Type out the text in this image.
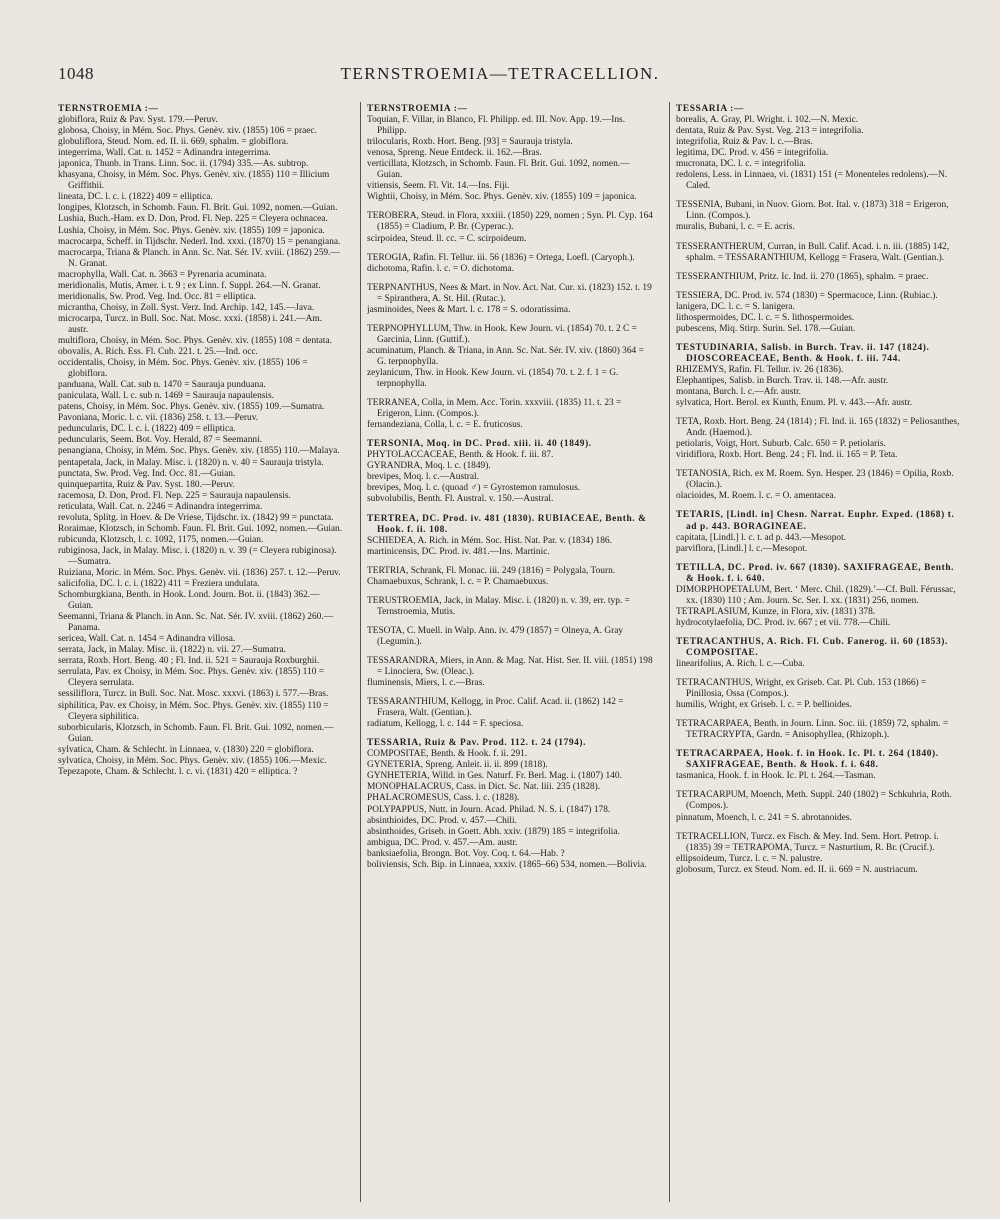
1048	TERNSTROEMIA—TETRACELLION.

TERNSTROEMIA :—

globiflora, Ruiz & Pav. Syst. 179.—Peruv.

globosa, Choisy, in Mém. Soc. Phys. Genèv. xiv. (1855) 106 = praec.

globuliflora, Steud. Nom. ed. II. ii. 669, sphalm. = globiflora.

integerrima, Wall. Cat. n. 1452 = Adinandra integerrima.

japonica, Thunb. in Trans. Linn. Soc. ii. (1794) 335.—As. subtrop.

khasyana, Choisy, in Mém. Soc. Phys. Genèv. xiv. (1855) 110 = Illicium Griffithii.

lineata, DC. l. c. i. (1822) 409 = elliptica.

longipes, Klotzsch, in Schomb. Faun. Fl. Brit. Gui. 1092, nomen.—Guian.

Lushia, Buch.-Ham. ex D. Don, Prod. Fl. Nep. 225 = Cleyera ochnacea.

Lushia, Choisy, in Mém. Soc. Phys. Genèv. xiv. (1855) 109 = japonica.

macrocarpa, Scheff. in Tijdschr. Nederl. Ind. xxxi. (1870) 15 = penangiana.

macrocarpa, Triana & Planch. in Ann. Sc. Nat. Sér. IV. xviii. (1862) 259.—N. Granat.

macrophylla, Wall. Cat. n. 3663 = Pyrenaria acuminata.

meridionalis, Mutis, Amer. i. t. 9 ; ex Linn. f. Suppl. 264.—N. Granat.

meridionalis, Sw. Prod. Veg. Ind. Occ. 81 = elliptica.

micrantha, Choisy, in Zoll. Syst. Verz. Ind. Archip. 142, 145.—Java.

microcarpa, Turcz. in Bull. Soc. Nat. Mosc. xxxi. (1858) i. 241.—Am. austr.

multiflora, Choisy, in Mém. Soc. Phys. Genèv. xiv. (1855) 108 = dentata.

obovalis, A. Rich. Ess. Fl. Cub. 221. t. 25.—Ind. occ.

occidentalis, Choisy, in Mém. Soc. Phys. Genèv. xiv. (1855) 106 = globiflora.

panduana, Wall. Cat. sub n. 1470 = Saurauja punduana.

paniculata, Wall. l. c. sub n. 1469 = Saurauja napaulensis.

patens, Choisy, in Mém. Soc. Phys. Genèv. xiv. (1855) 109.—Sumatra.

Pavoniana, Moric. l. c. vii. (1836) 258. t. 13.—Peruv.

peduncularis, DC. l. c. i. (1822) 409 = elliptica.

peduncularis, Seem. Bot. Voy. Herald, 87 = Seemanni.

penangiana, Choisy, in Mém. Soc. Phys. Genèv. xiv. (1855) 110.—Malaya.

pentapetala, Jack, in Malay. Misc. i. (1820) n. v. 40 = Saurauja tristyla.

punctata, Sw. Prod. Veg. Ind. Occ. 81.—Guian.

quinquepartita, Ruiz & Pav. Syst. 180.—Peruv.

racemosa, D. Don, Prod. Fl. Nep. 225 = Saurauja napaulensis.

reticulata, Wall. Cat. n. 2246 = Adinandra integerrima.

revoluta, Splitg. in Hoev. & De Vriese, Tijdschr. ix. (1842) 99 = punctata.

Roraimae, Klotzsch, in Schomb. Faun. Fl. Brit. Gui. 1092, nomen.—Guian.

rubicunda, Klotzsch, l. c. 1092, 1175, nomen.—Guian.

rubiginosa, Jack, in Malay. Misc. i. (1820) n. v. 39 (= Cleyera rubiginosa).—Sumatra.

Ruiziana, Moric. in Mém. Soc. Phys. Genèv. vii. (1836) 257. t. 12.—Peruv.

salicifolia, DC. l. c. i. (1822) 411 = Freziera undulata.

Schomburgkiana, Benth. in Hook. Lond. Journ. Bot. ii. (1843) 362.—Guian.

Seemanni, Triana & Planch. in Ann. Sc. Nat. Sér. IV. xviii. (1862) 260.—Panama.

sericea, Wall. Cat. n. 1454 = Adinandra villosa.

serrata, Jack, in Malay. Misc. ii. (1822) n. vii. 27.—Sumatra.

serrata, Roxb. Hort. Beng. 40 ; Fl. Ind. ii. 521 = Saurauja Roxburghii.

serrulata, Pav. ex Choisy, in Mém. Soc. Phys. Genèv. xiv. (1855) 110 = Cleyera serrulata.

sessiliflora, Turcz. in Bull. Soc. Nat. Mosc. xxxvi. (1863) i. 577.—Bras.

siphilitica, Pav. ex Choisy, in Mém. Soc. Phys. Genèv. xiv. (1855) 110 = Cleyera siphilitica.

suborbicularis, Klotzsch, in Schomb. Faun. Fl. Brit. Gui. 1092, nomen.—Guian.

sylvatica, Cham. & Schlecht. in Linnaea, v. (1830) 220 = globiflora.

sylvatica, Choisy, in Mém. Soc. Phys. Genèv. xiv. (1855) 106.—Mexic.

Tepezapote, Cham. & Schlecht. l. c. vi. (1831) 420 = elliptica. ?

TERNSTROEMIA :—

Toquian, F. Villar, in Blanco, Fl. Philipp. ed. III. Nov. App. 19.—Ins. Philipp.

trilocularis, Roxb. Hort. Beng. [93] = Saurauja tristyla.

venosa, Spreng. Neue Entdeck. ii. 162.—Bras.

verticillata, Klotzsch, in Schomb. Faun. Fl. Brit. Gui. 1092, nomen.—Guian.

vitiensis, Seem. Fl. Vit. 14.—Ins. Fiji.

Wightii, Choisy, in Mém. Soc. Phys. Genèv. xiv. (1855) 109 = japonica.

TEROBERA, Steud. in Flora, xxxiii. (1850) 229, nomen ; Syn. Pl. Cyp. 164 (1855) = Cladium, P. Br. (Cyperac.).

scirpoidea, Steud. ll. cc. = C. scirpoideum.

TEROGIA, Rafin. Fl. Tellur. iii. 56 (1836) = Ortega, Loefl. (Caryoph.).

dichotoma, Rafin. l. c. = O. dichotoma.

TERPNANTHUS, Nees & Mart. in Nov. Act. Nat. Cur. xi. (1823) 152. t. 19 = Spiranthera, A. St. Hil. (Rutac.).

jasminoides, Nees & Mart. l. c. 178 = S. odoratissima.

TERPNOPHYLLUM, Thw. in Hook. Kew Journ. vi. (1854) 70. t. 2 C = Garcinia, Linn. (Guttif.).

acuminatum, Planch. & Triana, in Ann. Sc. Nat. Sér. IV. xiv. (1860) 364 = G. terpnophylla.

zeylanicum, Thw. in Hook. Kew Journ. vi. (1854) 70. t. 2. f. 1 = G. terpnophylla.

TERRANEA, Colla, in Mem. Acc. Torin. xxxviii. (1835) 11. t. 23 = Erigeron, Linn. (Compos.).

fernandeziana, Colla, l. c. = E. fruticosus.

TERSONIA, Moq. in DC. Prod. xiii. ii. 40 (1849).

PHYTOLACCACEAE, Benth. & Hook. f. iii. 87.

GYRANDRA, Moq. l. c. (1849).

brevipes, Moq. l. c.—Austral.

brevipes, Moq. l. c. (quoad ♂) = Gyrostemon ramulosus.

subvolubilis, Benth. Fl. Austral. v. 150.—Austral.

TERTREA, DC. Prod. iv. 481 (1830). RUBIACEAE, Benth. & Hook. f. ii. 108.

SCHIEDEA, A. Rich. in Mém. Soc. Hist. Nat. Par. v. (1834) 186.

martinicensis, DC. Prod. iv. 481.—Ins. Martinic.

TERTRIA, Schrank, Fl. Monac. iii. 249 (1816) = Polygala, Tourn.

Chamaebuxus, Schrank, l. c. = P. Chamaebuxus.

TERUSTROEMIA, Jack, in Malay. Misc. i. (1820) n. v. 39, err. typ. = Ternstroemia, Mutis.

TESOTA, C. Muell. in Walp. Ann. iv. 479 (1857) = Olneya, A. Gray (Legumin.).

TESSARANDRA, Miers, in Ann. & Mag. Nat. Hist. Ser. II. viii. (1851) 198 = Linociera, Sw. (Oleac.).

fluminensis, Miers, l. c.—Bras.

TESSARANTHIUM, Kellogg, in Proc. Calif. Acad. ii. (1862) 142 = Frasera, Walt. (Gentian.).

radiatum, Kellogg, l. c. 144 = F. speciosa.

TESSARIA, Ruiz & Pav. Prod. 112. t. 24 (1794).

COMPOSITAE, Benth. & Hook. f. ii. 291.

GYNETERIA, Spreng. Anleit. ii. ii. 899 (1818).

GYNHETERIA, Willd. in Ges. Naturf. Fr. Berl. Mag. i. (1807) 140.

MONOPHALACRUS, Cass. in Dict. Sc. Nat. liii. 235 (1828).

PHALACROMESUS, Cass. l. c. (1828).

POLYPAPPUS, Nutt. in Journ. Acad. Philad. N. S. i. (1847) 178.

absinthioides, DC. Prod. v. 457.—Chili.

absinthoides, Griseb. in Goett. Abh. xxiv. (1879) 185 = integrifolia.

ambigua, DC. Prod. v. 457.—Am. austr.

banksiaefolia, Brongn. Bot. Voy. Coq. t. 64.—Hab. ?

boliviensis, Sch. Bip. in Linnaea, xxxiv. (1865–66) 534, nomen.—Bolivia.

TESSARIA :—

borealis, A. Gray, Pl. Wright. i. 102.—N. Mexic.

dentata, Ruiz & Pav. Syst. Veg. 213 = integrifolia.

integrifolia, Ruiz & Pav. l. c.—Bras.

legitima, DC. Prod. v. 456 = integrifolia.

mucronata, DC. l. c. = integrifolia.

redolens, Less. in Linnaea, vi. (1831) 151 (= Monenteles redolens).—N. Caled.

TESSENIA, Bubani, in Nuov. Giorn. Bot. Ital. v. (1873) 318 = Erigeron, Linn. (Compos.).

muralis, Bubani, l. c. = E. acris.

TESSERANTHERUM, Curran, in Bull. Calif. Acad. i. n. iii. (1885) 142, sphalm. = TESSARANTHIUM, Kellogg = Frasera, Walt. (Gentian.).

TESSERANTHIUM, Pritz. Ic. Ind. ii. 270 (1865), sphalm. = praec.

TESSIERA, DC. Prod. iv. 574 (1830) = Spermacoce, Linn. (Rubiac.).

lanigera, DC. l. c. = S. lanigera.

lithospermoides, DC. l. c. = S. lithospermoides.

pubescens, Miq. Stirp. Surin. Sel. 178.—Guian.

TESTUDINARIA, Salisb. in Burch. Trav. ii. 147 (1824). DIOSCOREACEAE, Benth. & Hook. f. iii. 744.

RHIZEMYS, Rafin. Fl. Tellur. iv. 26 (1836).

Elephantipes, Salisb. in Burch. Trav. ii. 148.—Afr. austr.

montana, Burch. l. c.—Afr. austr.

sylvatica, Hort. Berol. ex Kunth, Enum. Pl. v. 443.—Afr. austr.

TETA, Roxb. Hort. Beng. 24 (1814) ; Fl. Ind. ii. 165 (1832) = Peliosanthes, Andr. (Haemod.).

petiolaris, Voigt, Hort. Suburb. Calc. 650 = P. petiolaris.

viridiflora, Roxb. Hort. Beng. 24 ; Fl. Ind. ii. 165 = P. Teta.

TETANOSIA, Rich. ex M. Roem. Syn. Hesper. 23 (1846) = Opilia, Roxb. (Olacin.).

olacioides, M. Roem. l. c. = O. amentacea.

TETARIS, [Lindl. in] Chesn. Narrat. Euphr. Exped. (1868) t. ad p. 443. BORAGINEAE.

capitata, [Lindl.] l. c. t. ad p. 443.—Mesopot.

parviflora, [Lindl.] l. c.—Mesopot.

TETILLA, DC. Prod. iv. 667 (1830). SAXIFRAGEAE, Benth. & Hook. f. i. 640.

DIMORPHOPETALUM, Bert. ‘ Merc. Chil. (1829).’—Cf. Bull. Férussac, xx. (1830) 110 ; Am. Journ. Sc. Ser. I. xx. (1831) 256, nomen.

TETRAPLASIUM, Kunze, in Flora, xiv. (1831) 378.

hydrocotylaefolia, DC. Prod. iv. 667 ; et vii. 778.—Chili.

TETRACANTHUS, A. Rich. Fl. Cub. Fanerog. ii. 60 (1853). COMPOSITAE.

linearifolius, A. Rich. l. c.—Cuba.

TETRACANTHUS, Wright, ex Griseb. Cat. Pl. Cub. 153 (1866) = Pinillosia, Ossa (Compos.).

humilis, Wright, ex Griseb. l. c. = P. bellioides.

TETRACARPAEA, Benth. in Journ. Linn. Soc. iii. (1859) 72, sphalm. = TETRACRYPTA, Gardn. = Anisophyllea, (Rhizoph.).

TETRACARPAEA, Hook. f. in Hook. Ic. Pl. t. 264 (1840). SAXIFRAGEAE, Benth. & Hook. f. i. 648.

tasmanica, Hook. f. in Hook. Ic. Pl. t. 264.—Tasman.

TETRACARPUM, Moench, Meth. Suppl. 240 (1802) = Schkuhria, Roth. (Compos.).

pinnatum, Moench, l. c. 241 = S. abrotanoides.

TETRACELLION, Turcz. ex Fisch. & Mey. Ind. Sem. Hort. Petrop. i. (1835) 39 = TETRAPOMA, Turcz. = Nasturtium, R. Br. (Crucif.).

ellipsoideum, Turcz. l. c. = N. palustre.

globosum, Turcz. ex Steud. Nom. ed. II. ii. 669 = N. austriacum.
